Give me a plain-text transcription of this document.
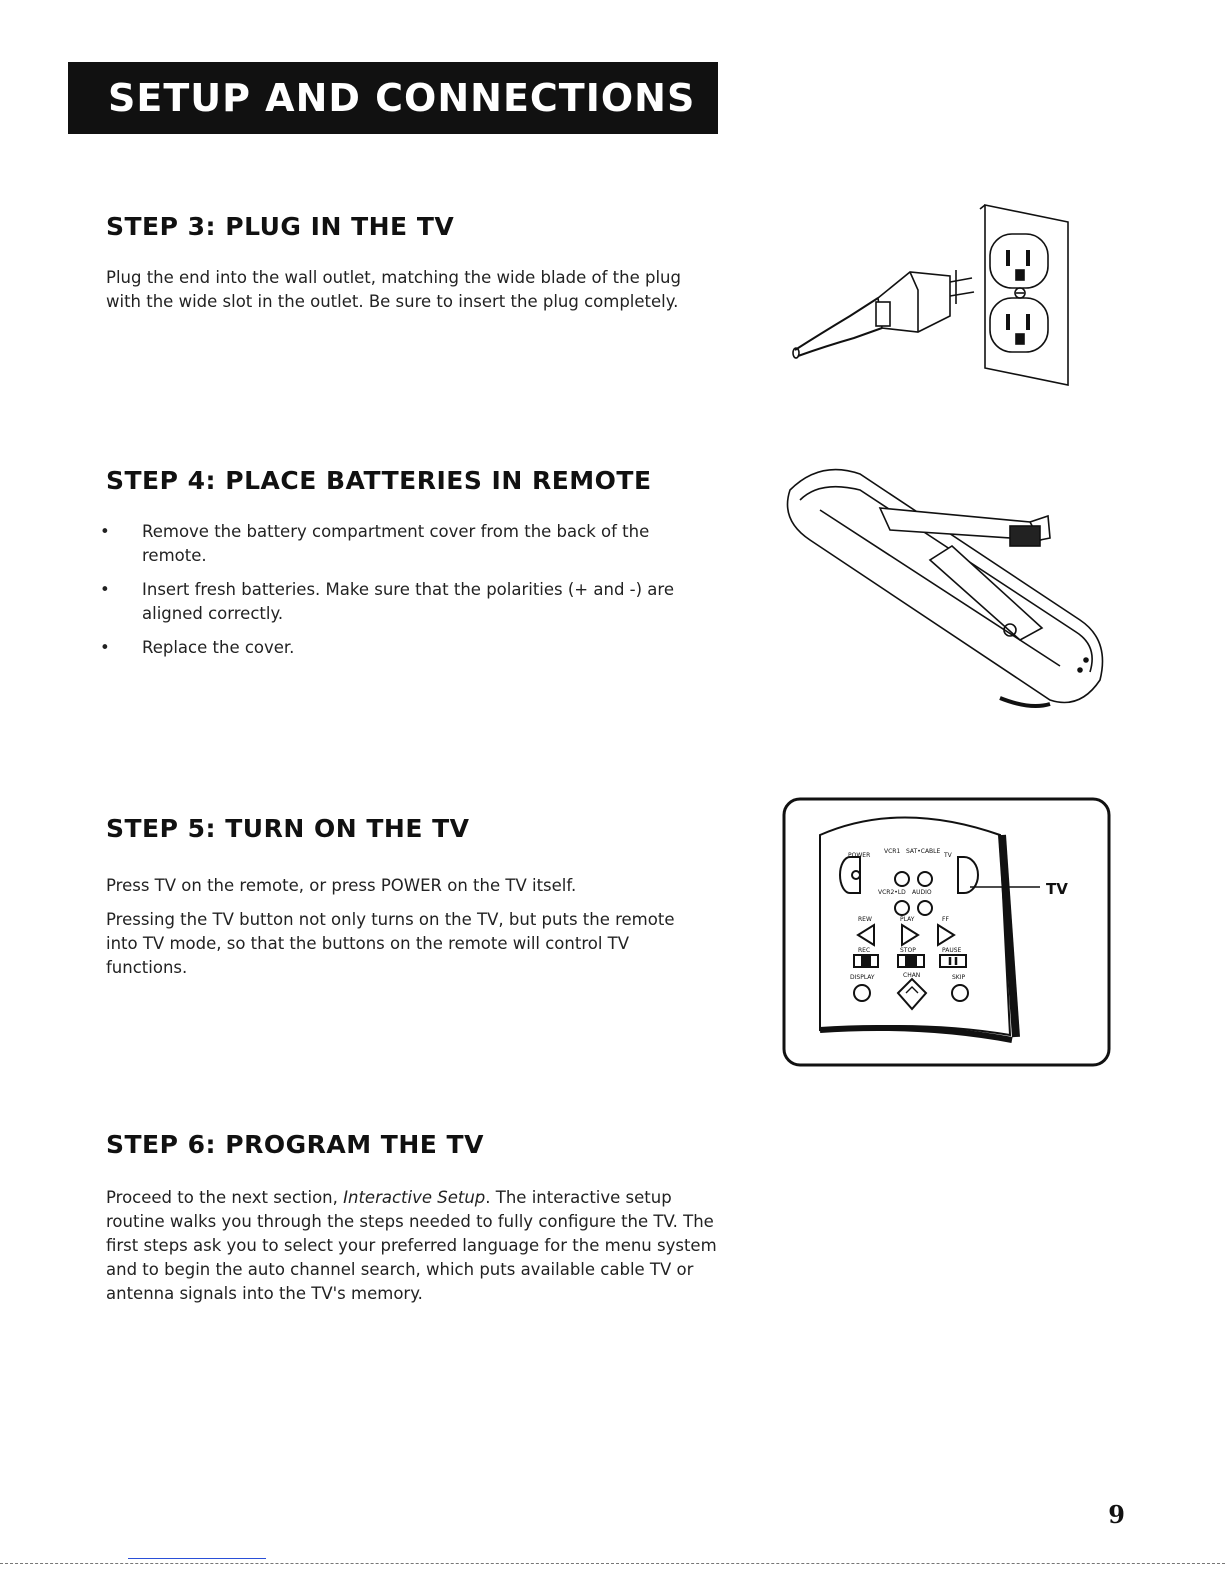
SETUP AND CONNECTIONS
STEP 3: PLUG IN THE TV

Plug the end into the wall outlet, matching the wide blade of the plug with the wide slot in the outlet. Be sure to insert the plug completely.

STEP 4: PLACE BATTERIES IN REMOTE
• Remove the battery compartment cover from the back of the remote.
• Insert fresh batteries. Make sure that the polarities (+ and -) are aligned correctly.
• Replace the cover.
STEP 5: TURN ON THE TV

Press TV on the remote, or press POWER on the TV itself.

Pressing the TV button not only turns on the TV, but puts the remote into TV mode, so that the buttons on the remote will control TV functions.

POWER
VCR1 SAT•CABLE
TV
VCR2•LD AUDIO
REW	PLAY	FF
REC	STOP	PAUSE
DISPLAY	CHAN	SKIP
TV
STEP 6: PROGRAM THE TV

Proceed to the next section, Interactive Setup. The interactive setup routine walks you through the steps needed to fully configure the TV. The first steps ask you to select your preferred language for the menu system and to begin the auto channel search, which puts available cable TV or antenna signals into the TV's memory.

9
